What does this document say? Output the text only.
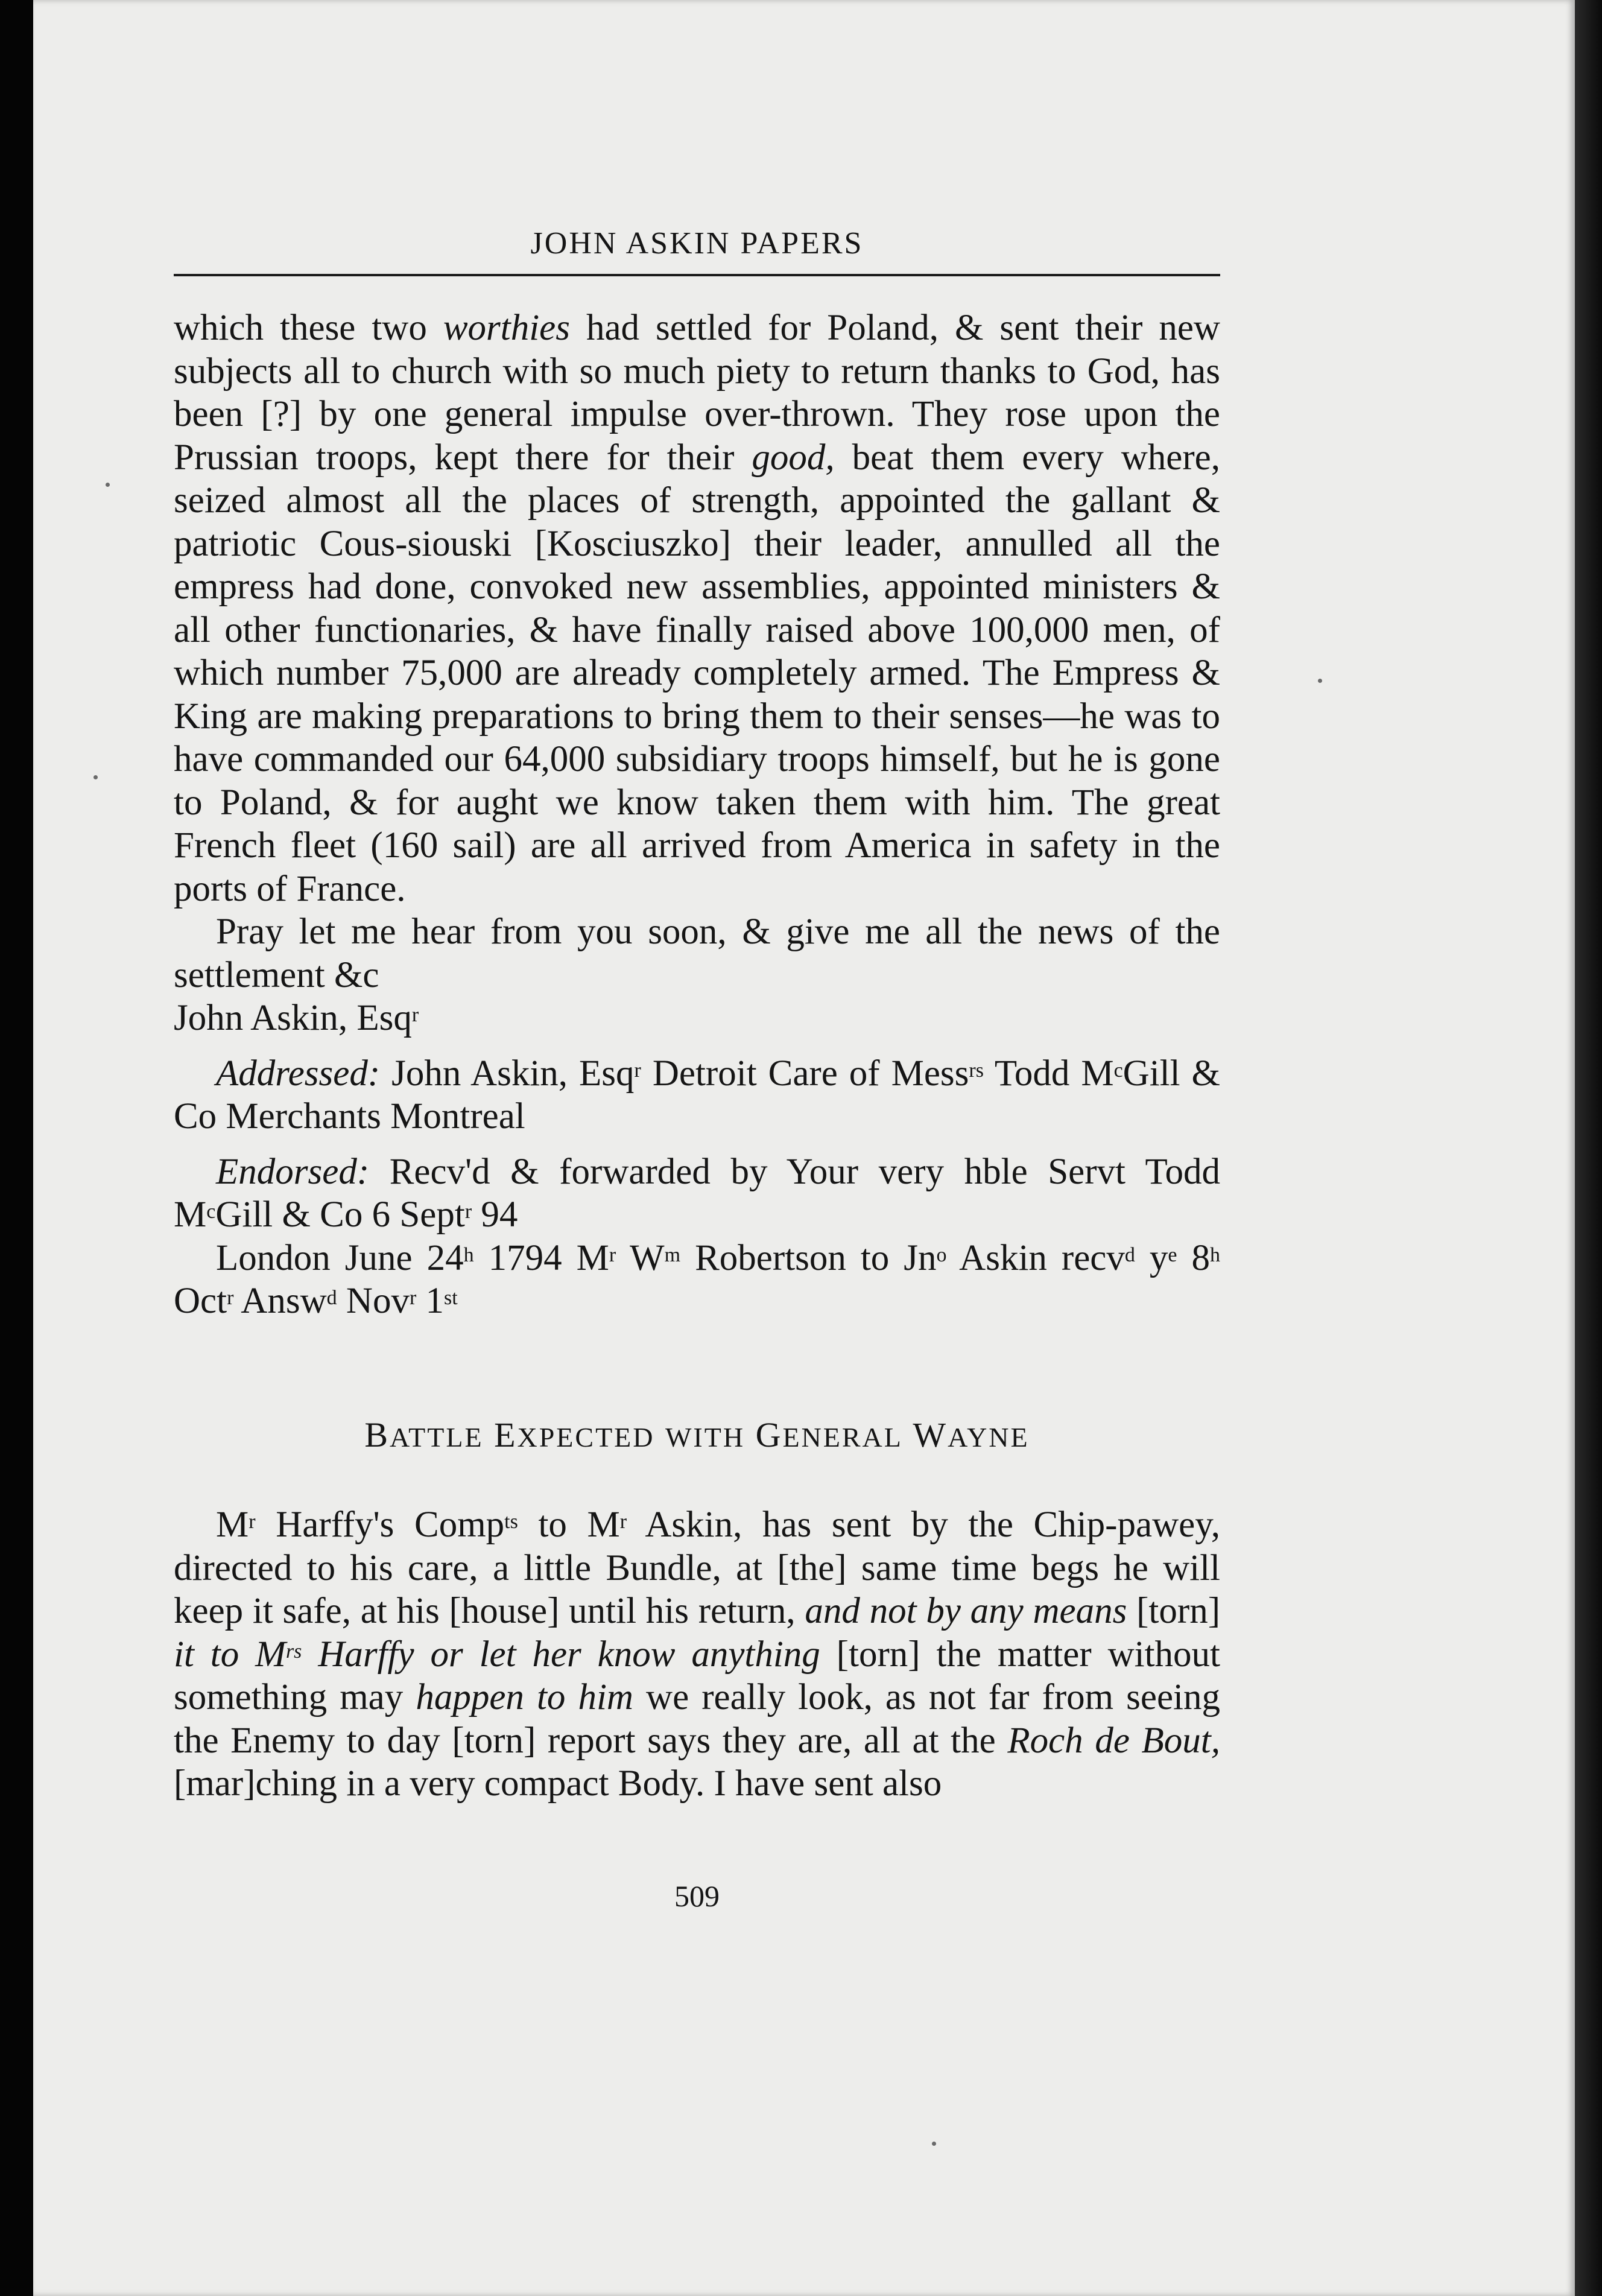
JOHN ASKIN PAPERS

which these two worthies had settled for Poland, & sent their new subjects all to church with so much piety to return thanks to God, has been [?] by one general impulse over-thrown. They rose upon the Prussian troops, kept there for their good, beat them every where, seized almost all the places of strength, appointed the gallant & patriotic Cous-siouski [Kosciuszko] their leader, annulled all the empress had done, convoked new assemblies, appointed ministers & all other functionaries, & have finally raised above 100,000 men, of which number 75,000 are already completely armed. The Empress & King are making preparations to bring them to their senses—he was to have commanded our 64,000 subsidiary troops himself, but he is gone to Poland, & for aught we know taken them with him. The great French fleet (160 sail) are all arrived from America in safety in the ports of France.

Pray let me hear from you soon, & give me all the news of the settlement &c

John Askin, Esq$^r$

Addressed: John Askin, Esq$^r$ Detroit Care of Mess$^{rs}$ Todd $M^cGill$ & Co Merchants Montreal

Endorsed: Recv'd & forwarded by Your very hble Servt Todd $M^cGill$ & Co 6 Sept$^r$ 94

London June 24$^h$ 1794 $M^r$ $W^m$ Robertson to Jn$^o$ Askin recv$^d$ $y^e$ 8$^h$ Oct$^r$ Answ$^d$ Nov$^r$ 1st

BATTLE EXPECTED WITH GENERAL WAYNE

$M^r$ Harffy's Comp$^{ts}$ to $M^r$ Askin, has sent by the Chip-pawey, directed to his care, a little Bundle, at [the] same time begs he will keep it safe, at his [house] until his return, and not by any means [torn] it to $M^{rs}$ Harffy or let her know anything [torn] the matter without something may happen to him we really look, as not far from seeing the Enemy to day [torn] report says they are, all at the Roch de Bout, [mar]ching in a very compact Body. I have sent also

509
